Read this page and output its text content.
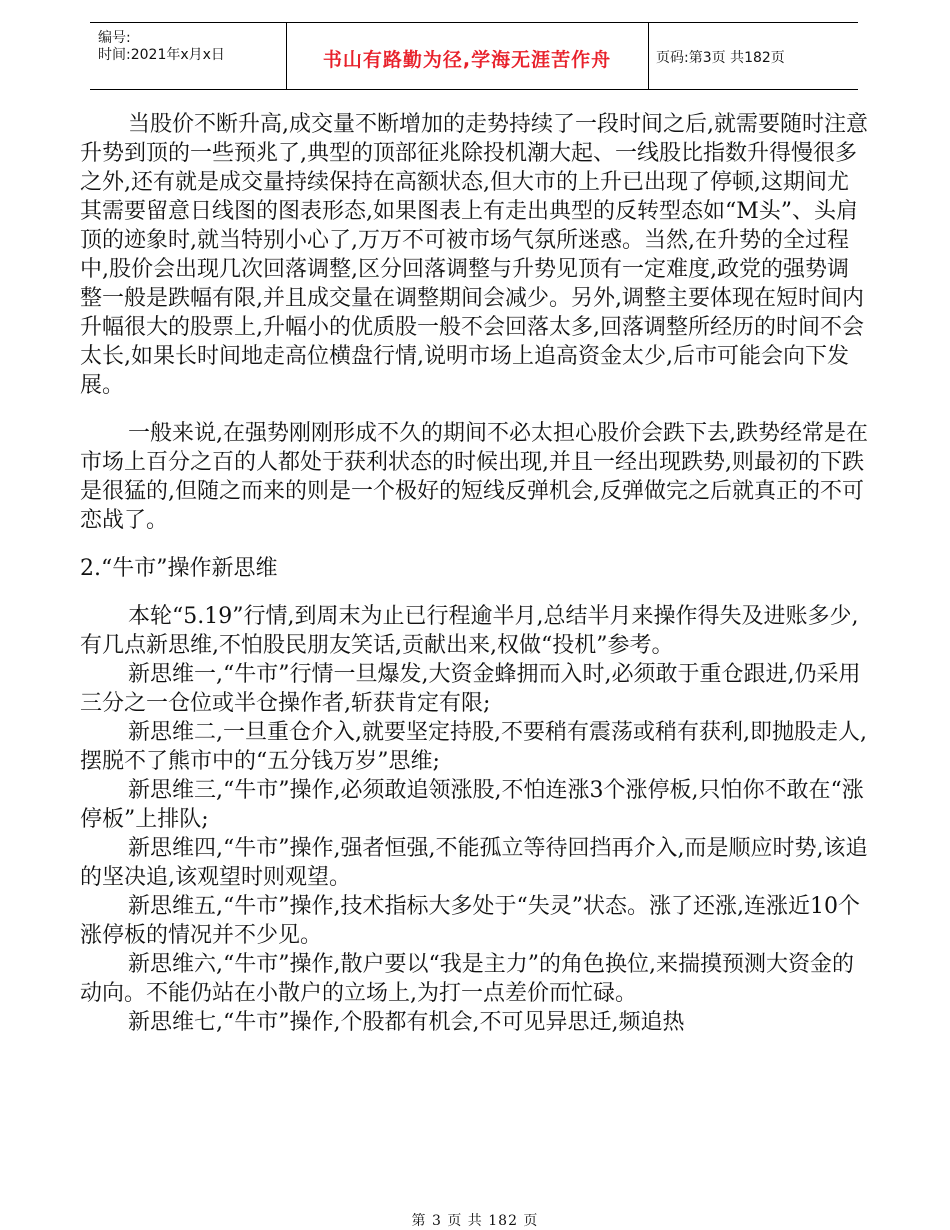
编号:
时间:2021年x月x日	书山有路勤为径,学海无涯苦作舟	页码:第3页 共182页

当股价不断升高,成交量不断增加的走势持续了一段时间之后,就需要随时注意升势到顶的一些预兆了,典型的顶部征兆除投机潮大起、一线股比指数升得慢很多之外,还有就是成交量持续保持在高额状态,但大市的上升已出现了停顿,这期间尤其需要留意日线图的图表形态,如果图表上有走出典型的反转型态如“M头”、头肩顶的迹象时,就当特别小心了,万万不可被市场气氛所迷惑。当然,在升势的全过程中,股价会出现几次回落调整,区分回落调整与升势见顶有一定难度,政党的强势调整一般是跌幅有限,并且成交量在调整期间会减少。另外,调整主要体现在短时间内升幅很大的股票上,升幅小的优质股一般不会回落太多,回落调整所经历的时间不会太长,如果长时间地走高位横盘行情,说明市场上追高资金太少,后市可能会向下发展。

一般来说,在强势刚刚形成不久的期间不必太担心股价会跌下去,跌势经常是在市场上百分之百的人都处于获利状态的时候出现,并且一经出现跌势,则最初的下跌是很猛的,但随之而来的则是一个极好的短线反弹机会,反弹做完之后就真正的不可恋战了。

2.“牛市”操作新思维

本轮“5.19”行情,到周末为止已行程逾半月,总结半月来操作得失及进账多少,有几点新思维,不怕股民朋友笑话,贡献出来,权做“投机”参考。

新思维一,“牛市”行情一旦爆发,大资金蜂拥而入时,必须敢于重仓跟进,仍采用三分之一仓位或半仓操作者,斩获肯定有限;

新思维二,一旦重仓介入,就要坚定持股,不要稍有震荡或稍有获利,即抛股走人,摆脱不了熊市中的“五分钱万岁”思维;

新思维三,“牛市”操作,必须敢追领涨股,不怕连涨3个涨停板,只怕你不敢在“涨停板”上排队;

新思维四,“牛市”操作,强者恒强,不能孤立等待回挡再介入,而是顺应时势,该追的坚决追,该观望时则观望。

新思维五,“牛市”操作,技术指标大多处于“失灵”状态。涨了还涨,连涨近10个涨停板的情况并不少见。

新思维六,“牛市”操作,散户要以“我是主力”的角色换位,来揣摸预测大资金的动向。不能仍站在小散户的立场上,为打一点差价而忙碌。

新思维七,“牛市”操作,个股都有机会,不可见异思迁,频追热

第 3 页 共 182 页
